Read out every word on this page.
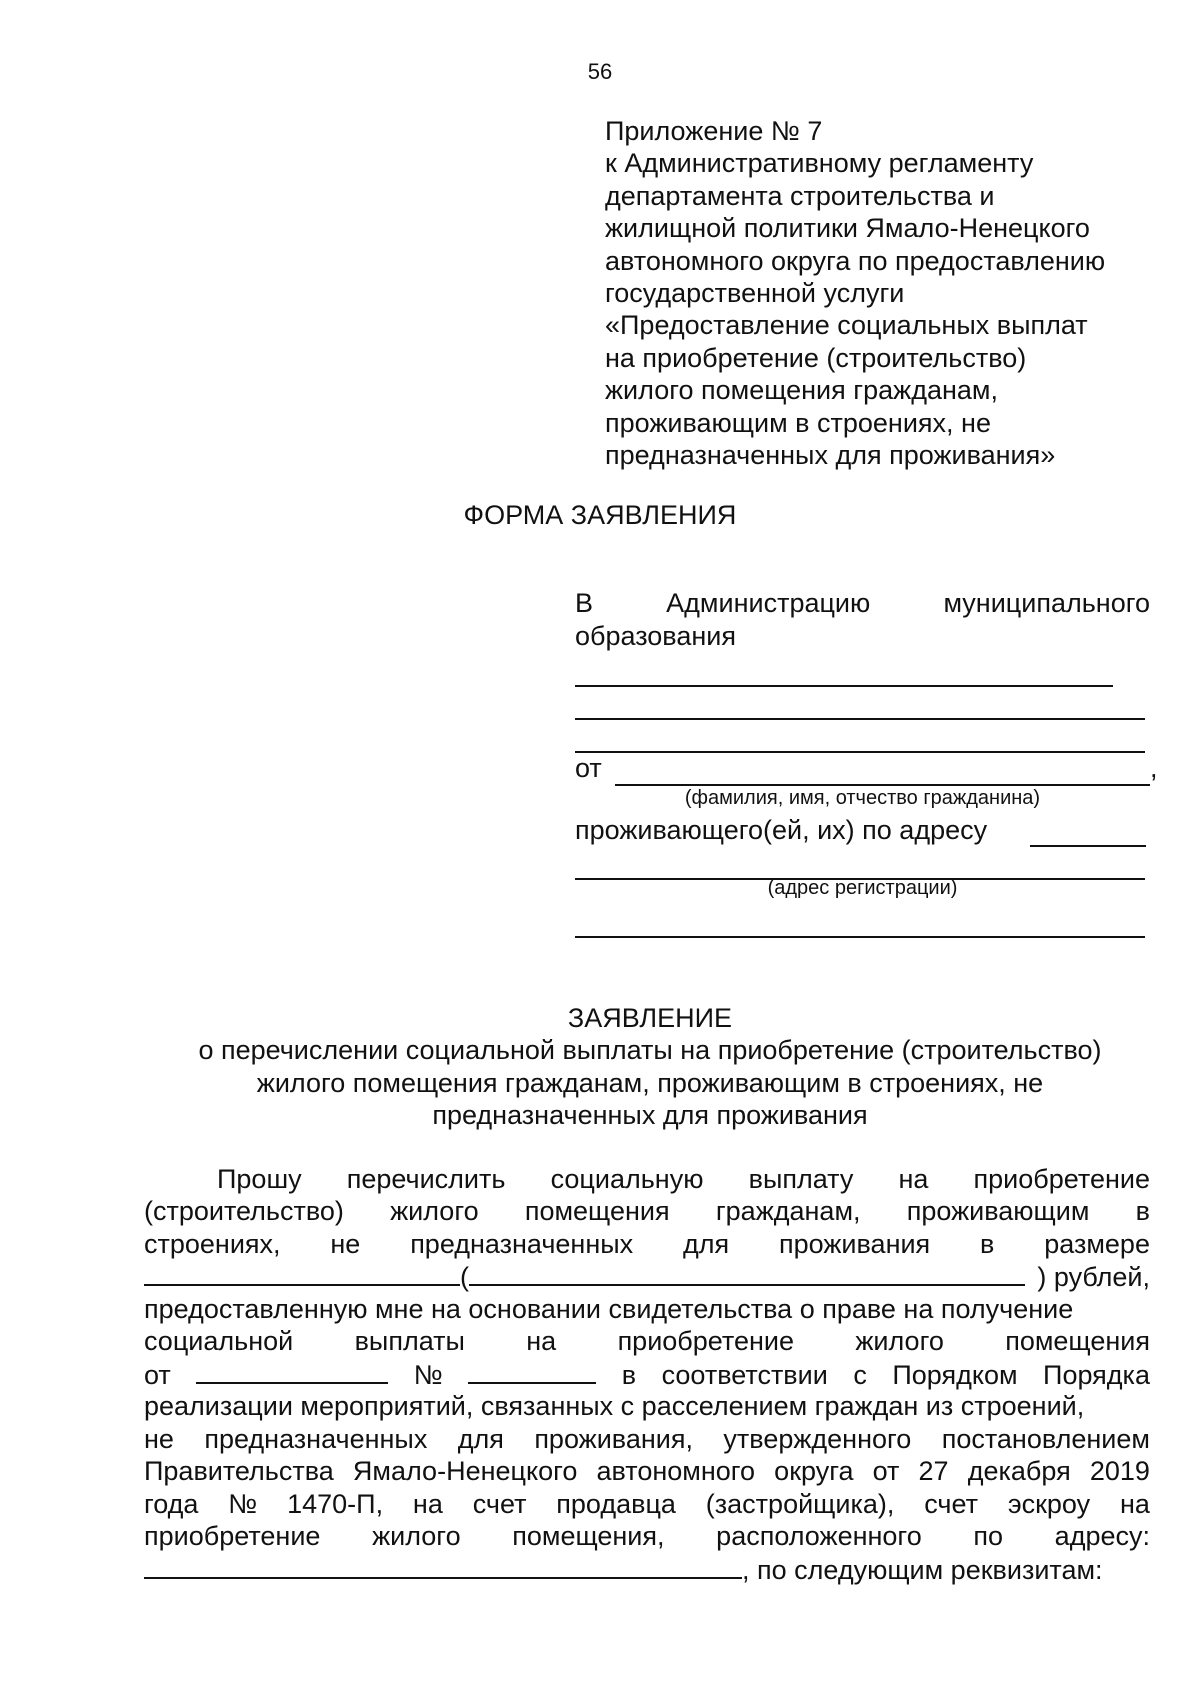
56
Приложение № 7
к Административному регламенту
департамента строительства и
жилищной политики Ямало-Ненецкого
автономного округа по предоставлению
государственной услуги
«Предоставление социальных выплат
на приобретение (строительство)
жилого помещения гражданам,
проживающим в строениях, не
предназначенных для проживания»
ФОРМА ЗАЯВЛЕНИЯ
В	Администрацию	муниципального
образования
от	,
(фамилия, имя, отчество гражданина)
проживающего(ей, их) по адресу
(адрес регистрации)
ЗАЯВЛЕНИЕ
о перечислении социальной выплаты на приобретение (строительство)
жилого помещения гражданам, проживающим в строениях, не
предназначенных для проживания
Прошу перечислить социальную выплату на приобретение
(строительство) жилого помещения гражданам, проживающим в
строениях, не предназначенных для проживания в размере
(	) рублей,
предоставленную мне на основании свидетельства о праве на получение
социальной выплаты на приобретение жилого помещения
от	№	в соответствии с Порядком Порядка
реализации мероприятий, связанных с расселением граждан из строений,
не предназначенных для проживания, утвержденного постановлением
Правительства Ямало-Ненецкого автономного округа от 27 декабря 2019
года № 1470-П, на счет продавца (застройщика), счет эскроу на
приобретение жилого помещения, расположенного по адресу:
, по следующим реквизитам:
